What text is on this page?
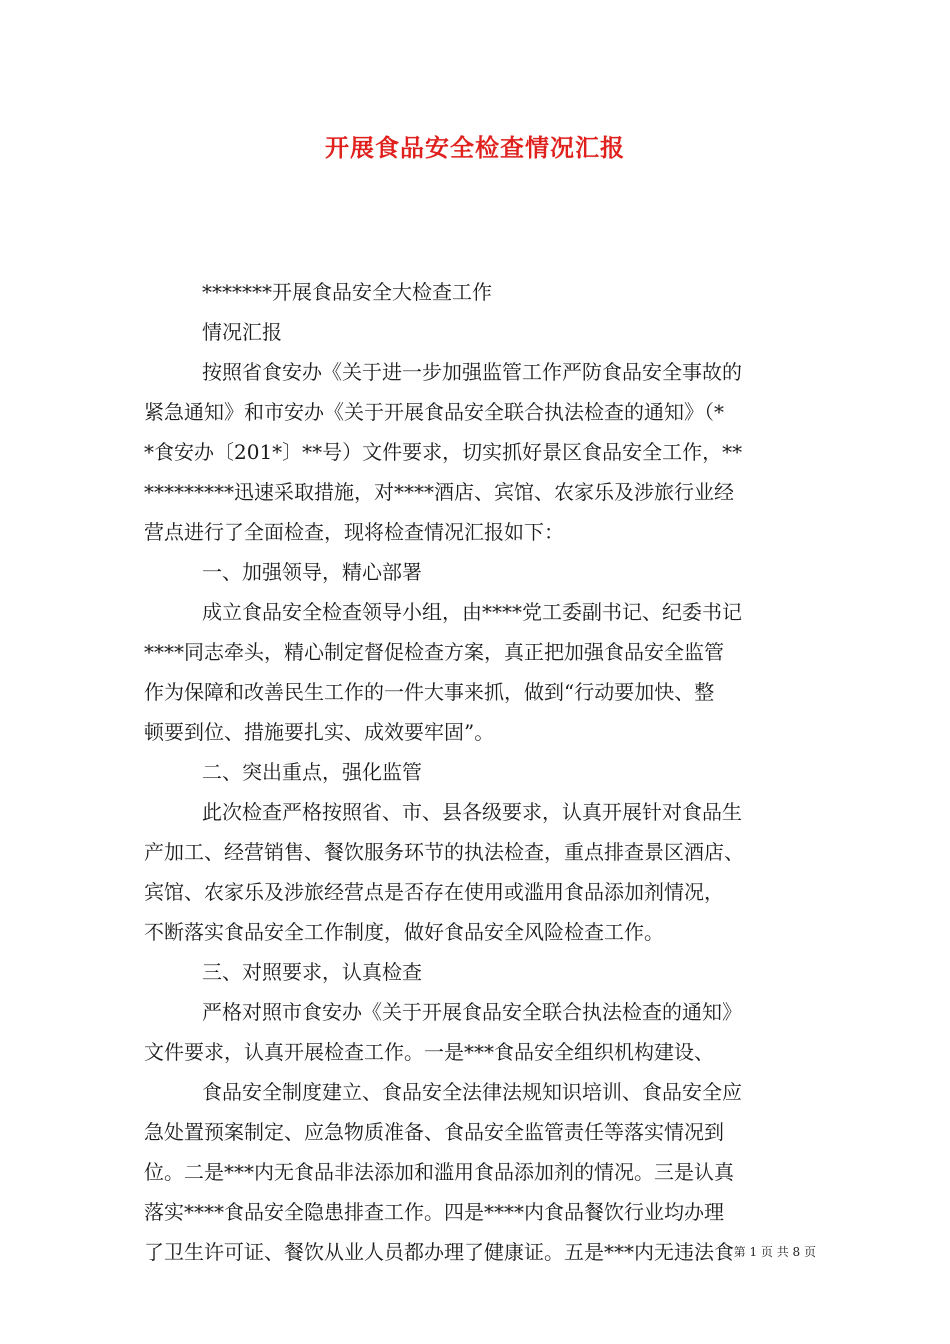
开展食品安全检查情况汇报
*******开展食品安全大检查工作
情况汇报
按照省食安办《关于进一步加强监管工作严防食品安全事故的
紧急通知》和市安办《关于开展食品安全联合执法检查的通知》（*
*食安办〔201*〕**号）文件要求，切实抓好景区食品安全工作，**
*********迅速采取措施，对****酒店、宾馆、农家乐及涉旅行业经
营点进行了全面检查，现将检查情况汇报如下：
一、加强领导，精心部署
成立食品安全检查领导小组，由****党工委副书记、纪委书记
****同志牵头，精心制定督促检查方案，真正把加强食品安全监管
作为保障和改善民生工作的一件大事来抓，做到“行动要加快、整
顿要到位、措施要扎实、成效要牢固”。
二、突出重点，强化监管
此次检查严格按照省、市、县各级要求，认真开展针对食品生
产加工、经营销售、餐饮服务环节的执法检查，重点排查景区酒店、
宾馆、农家乐及涉旅经营点是否存在使用或滥用食品添加剂情况，
不断落实食品安全工作制度，做好食品安全风险检查工作。
三、对照要求，认真检查
严格对照市食安办《关于开展食品安全联合执法检查的通知》
文件要求，认真开展检查工作。一是***食品安全组织机构建设、
食品安全制度建立、食品安全法律法规知识培训、食品安全应
急处置预案制定、应急物质准备、食品安全监管责任等落实情况到
位。二是***内无食品非法添加和滥用食品添加剂的情况。三是认真
落实****食品安全隐患排查工作。四是****内食品餐饮行业均办理
了卫生许可证、餐饮从业人员都办理了健康证。五是***内无违法食 第 1 页 共 8 页
